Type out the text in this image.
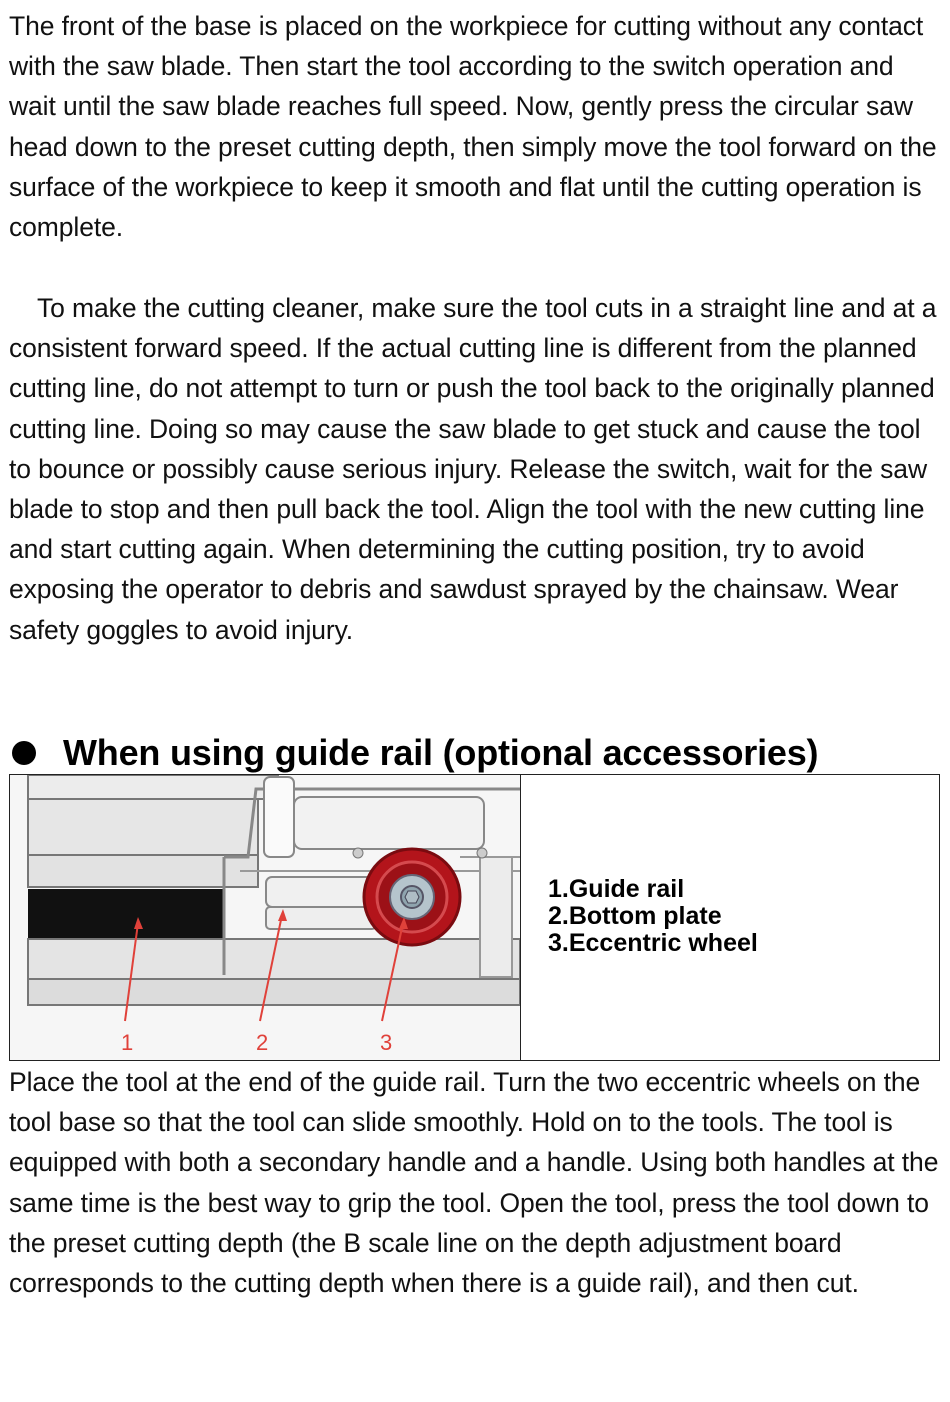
The front of the base is placed on the workpiece for cutting without any contact with the saw blade. Then start the tool according to the switch operation and wait until the saw blade reaches full speed. Now, gently press the circular saw head down to the preset cutting depth, then simply move the tool forward on the surface of the workpiece to keep it smooth and flat until the cutting operation is complete.

To make the cutting cleaner, make sure the tool cuts in a straight line and at a consistent forward speed. If the actual cutting line is different from the planned cutting line, do not attempt to turn or push the tool back to the originally planned cutting line. Doing so may cause the saw blade to get stuck and cause the tool to bounce or possibly cause serious injury. Release the switch, wait for the saw blade to stop and then pull back the tool. Align the tool with the new cutting line and start cutting again. When determining the cutting position, try to avoid exposing the operator to debris and sawdust sprayed by the chainsaw. Wear safety goggles to avoid injury.

When using guide rail (optional accessories)
1	2	3
1.Guide rail
2.Bottom plate
3.Eccentric wheel

Place the tool at the end of the guide rail. Turn the two eccentric wheels on the tool base so that the tool can slide smoothly. Hold on to the tools. The tool is equipped with both a secondary handle and a handle. Using both handles at the same time is the best way to grip the tool. Open the tool, press the tool down to the preset cutting depth (the B scale line on the depth adjustment board corresponds to the cutting depth when there is a guide rail), and then cut.
